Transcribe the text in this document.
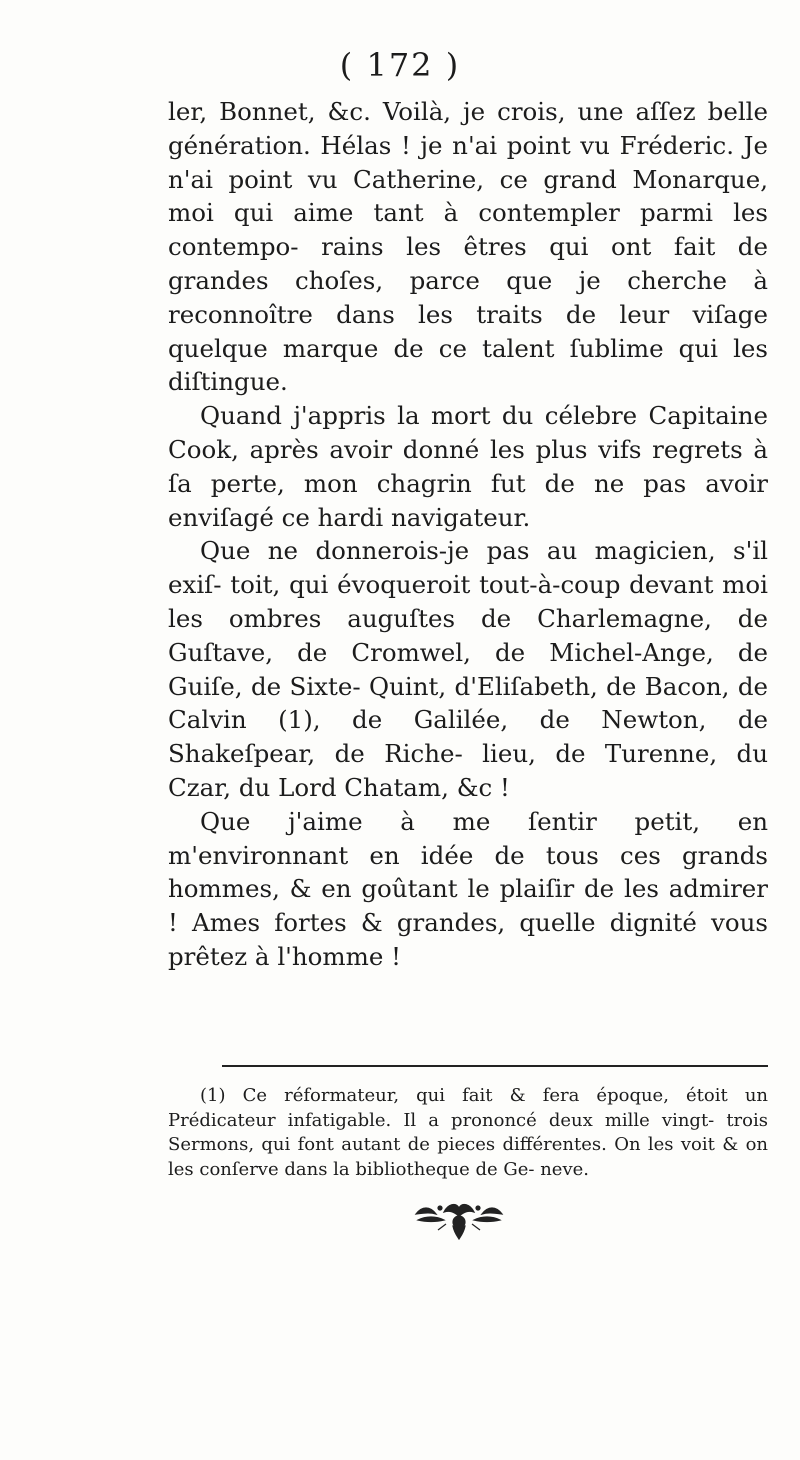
( 172 )

ler, Bonnet, &c. Voilà, je crois, une aſſez belle génération. Hélas ! je n'ai point vu Fréderic. Je n'ai point vu Catherine, ce grand Monarque, moi qui aime tant à contempler parmi les contempo- rains les êtres qui ont fait de grandes choſes, parce que je cherche à reconnoître dans les traits de leur viſage quelque marque de ce talent ſublime qui les diſtingue.

Quand j'appris la mort du célebre Capitaine Cook, après avoir donné les plus vifs regrets à ſa perte, mon chagrin fut de ne pas avoir enviſagé ce hardi navigateur.

Que ne donnerois-je pas au magicien, s'il exiſ- toit, qui évoqueroit tout-à-coup devant moi les ombres auguſtes de Charlemagne, de Guſtave, de Cromwel, de Michel-Ange, de Guiſe, de Sixte- Quint, d'Eliſabeth, de Bacon, de Calvin (1), de Galilée, de Newton, de Shakeſpear, de Riche- lieu, de Turenne, du Czar, du Lord Chatam, &c !

Que j'aime à me ſentir petit, en m'environnant en idée de tous ces grands hommes, & en goûtant le plaiſir de les admirer ! Ames fortes & grandes, quelle dignité vous prêtez à l'homme !

(1) Ce réformateur, qui fait & fera époque, étoit un Prédicateur infatigable. Il a prononcé deux mille vingt- trois Sermons, qui font autant de pieces différentes. On les voit & on les conſerve dans la bibliotheque de Ge- neve.
